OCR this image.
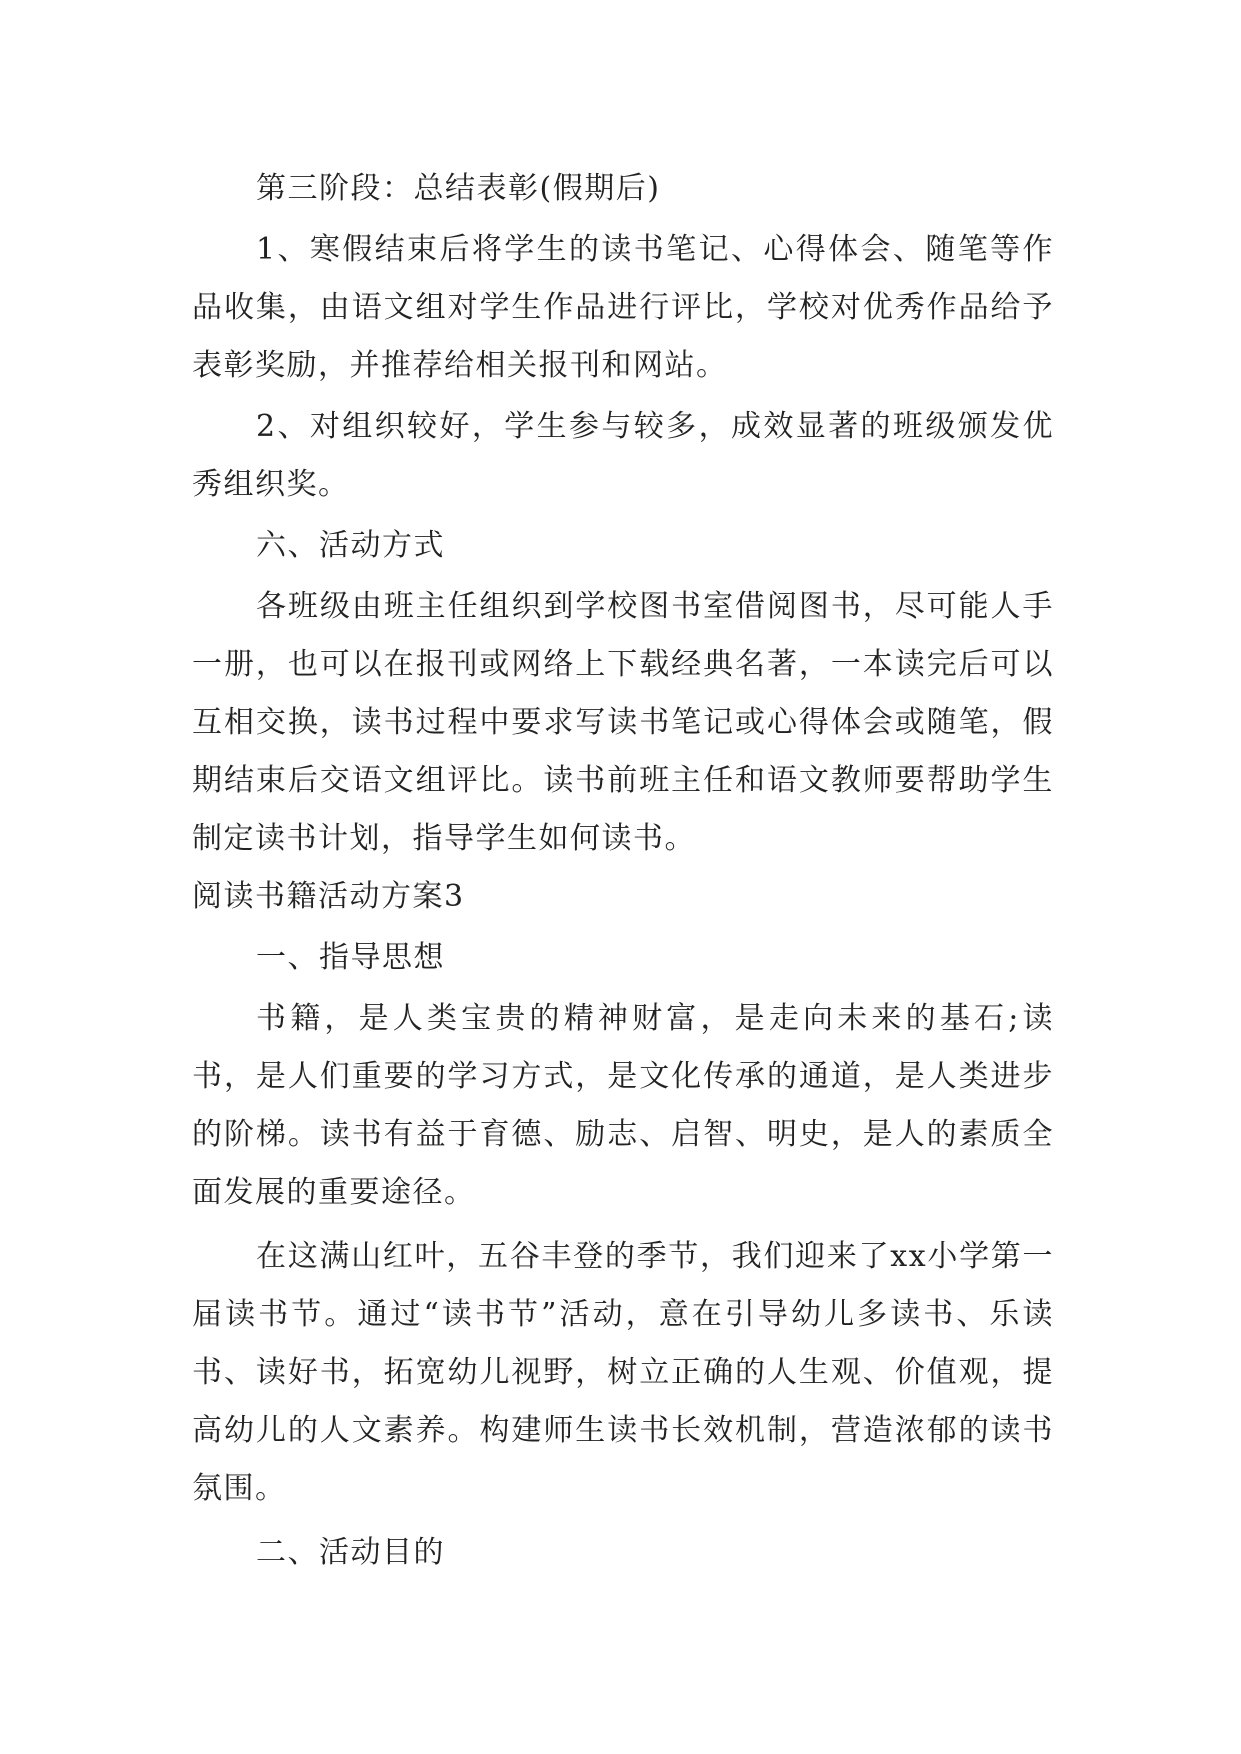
第三阶段：总结表彰(假期后)

1、寒假结束后将学生的读书笔记、心得体会、随笔等作品收集，由语文组对学生作品进行评比，学校对优秀作品给予表彰奖励，并推荐给相关报刊和网站。

2、对组织较好，学生参与较多，成效显著的班级颁发优秀组织奖。

六、活动方式

各班级由班主任组织到学校图书室借阅图书，尽可能人手一册，也可以在报刊或网络上下载经典名著，一本读完后可以互相交换，读书过程中要求写读书笔记或心得体会或随笔，假期结束后交语文组评比。读书前班主任和语文教师要帮助学生制定读书计划，指导学生如何读书。

阅读书籍活动方案3

一、指导思想

书籍，是人类宝贵的精神财富，是走向未来的基石;读书，是人们重要的学习方式，是文化传承的通道，是人类进步的阶梯。读书有益于育德、励志、启智、明史，是人的素质全面发展的重要途径。

在这满山红叶，五谷丰登的季节，我们迎来了xx小学第一届读书节。通过“读书节”活动，意在引导幼儿多读书、乐读书、读好书，拓宽幼儿视野，树立正确的人生观、价值观，提高幼儿的人文素养。构建师生读书长效机制，营造浓郁的读书氛围。

二、活动目的
